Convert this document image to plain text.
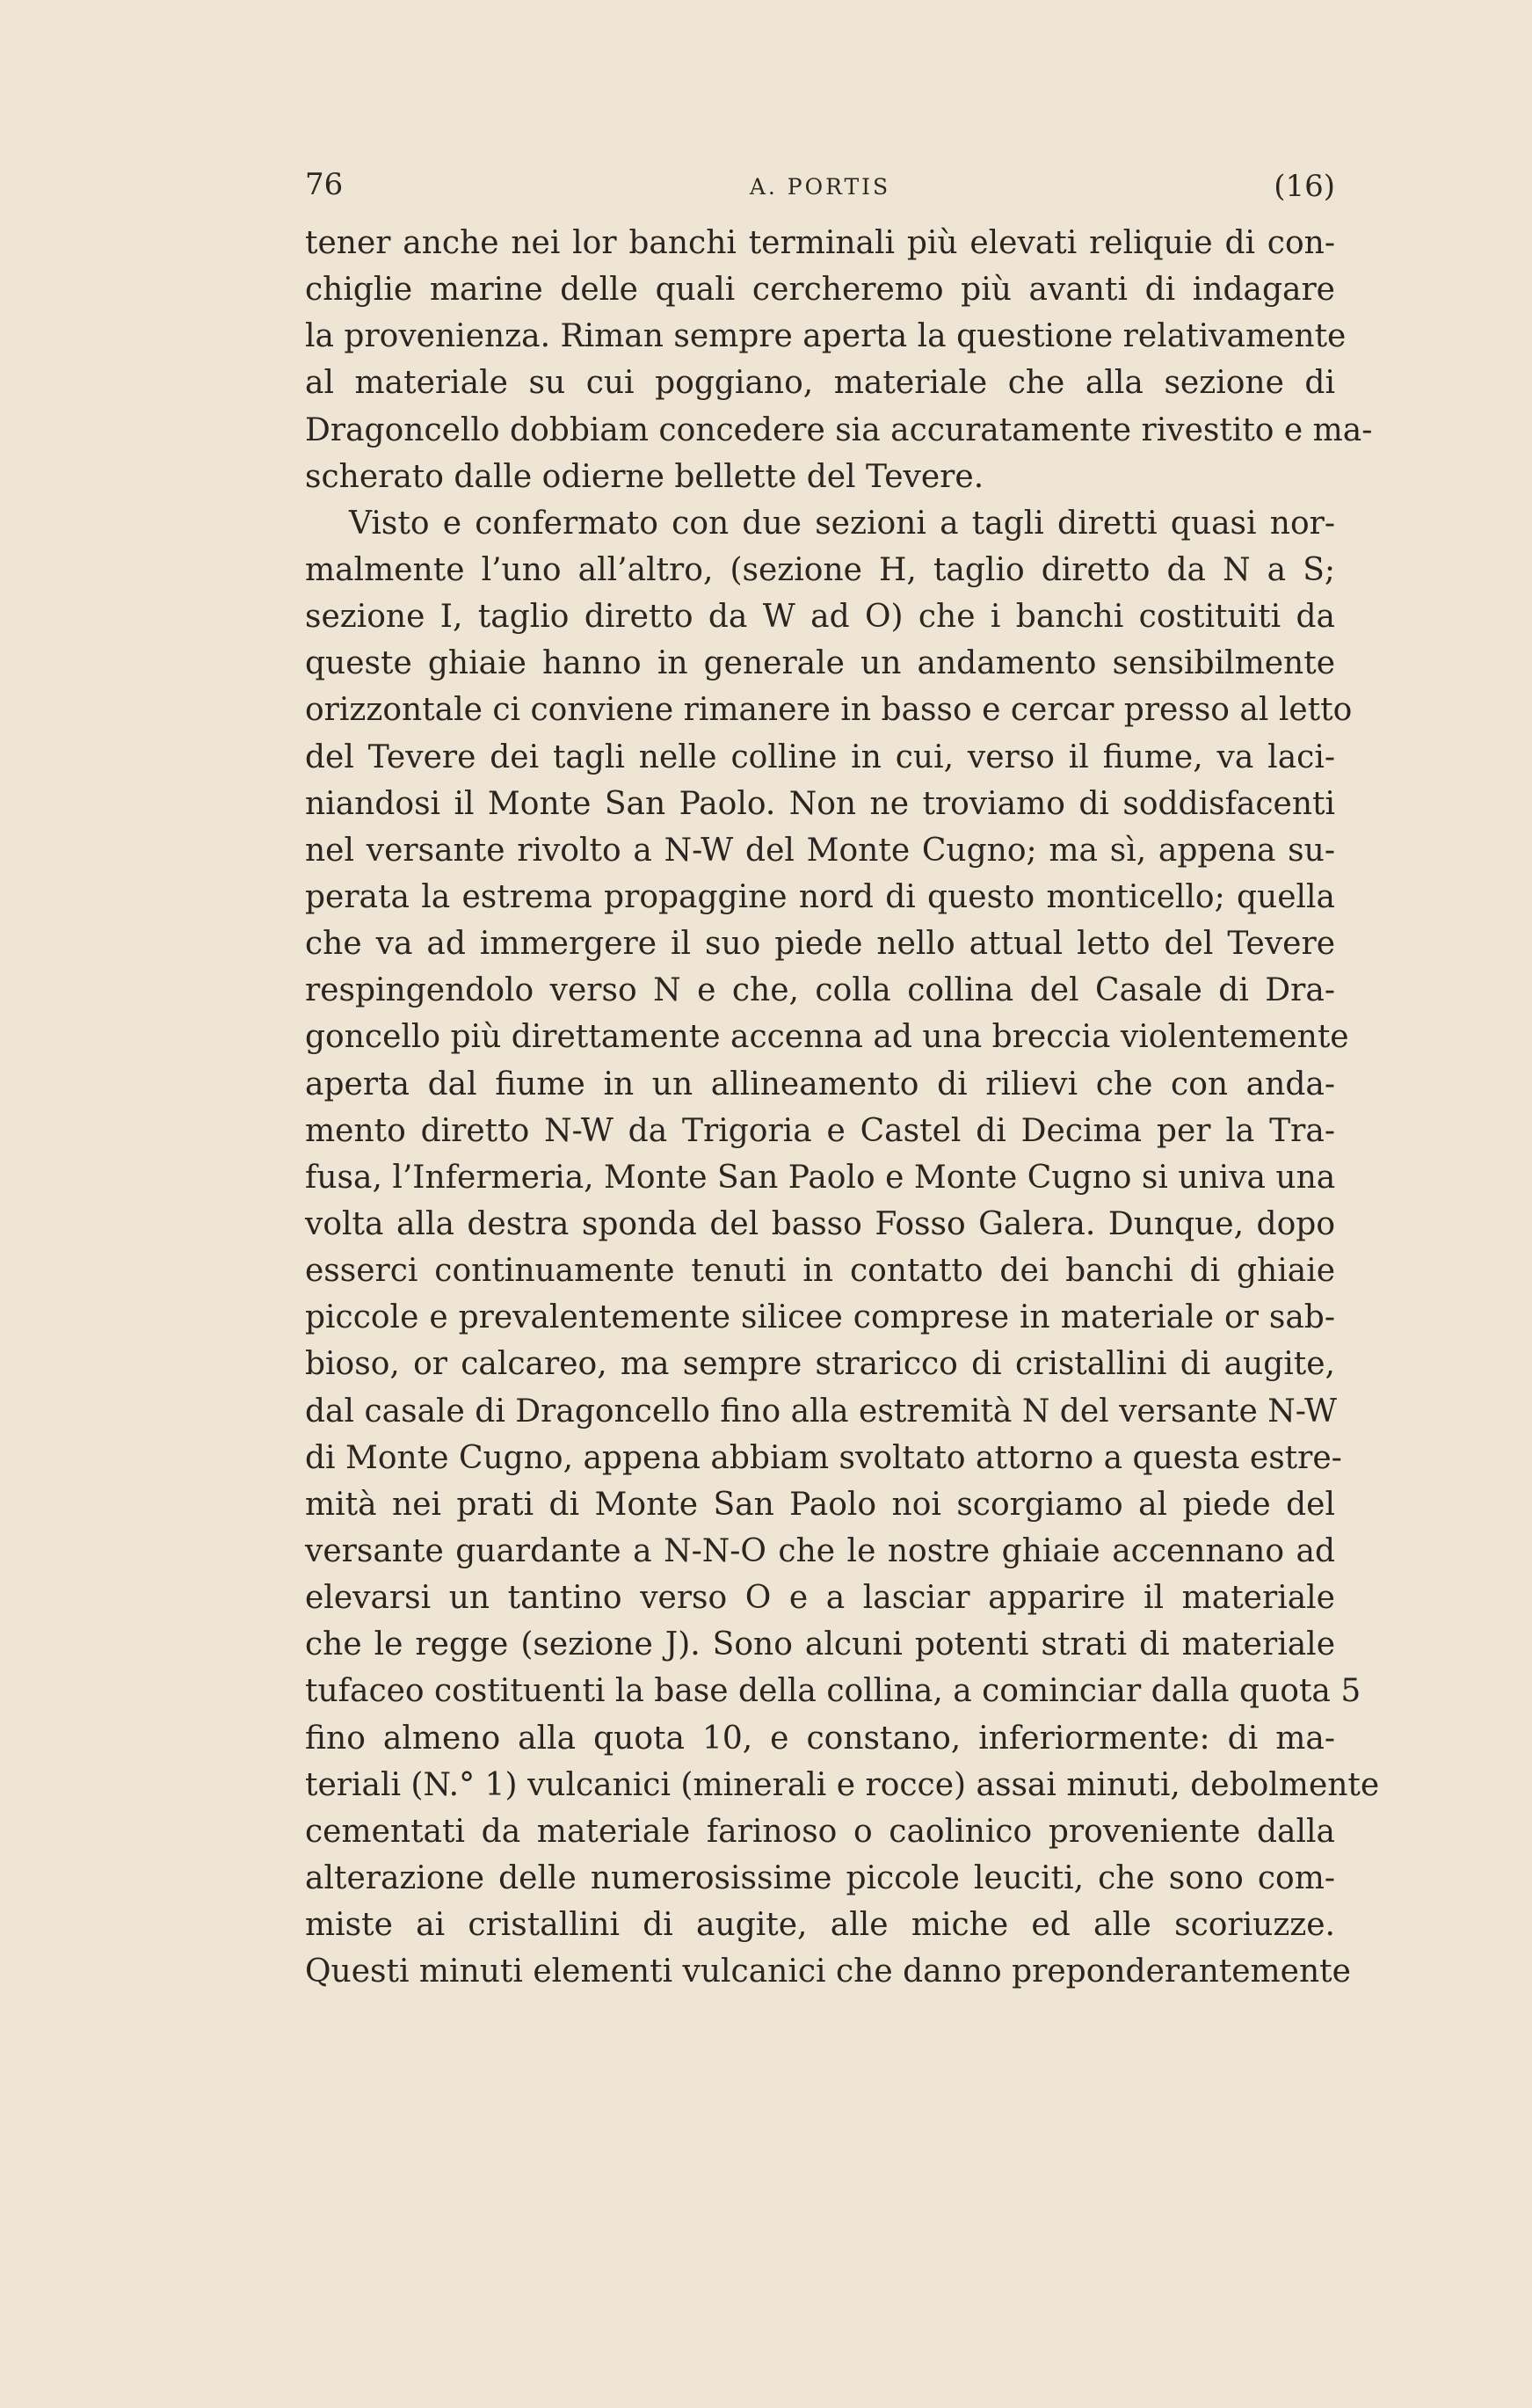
76	A. PORTIS	(16)
tener anche nei lor banchi terminali più elevati reliquie di con-
chiglie marine delle quali cercheremo più avanti di indagare
la provenienza. Riman sempre aperta la questione relativamente
al materiale su cui poggiano, materiale che alla sezione di
Dragoncello dobbiam concedere sia accuratamente rivestito e ma-
scherato dalle odierne bellette del Tevere.
Visto e confermato con due sezioni a tagli diretti quasi nor-
malmente l’uno all’altro, (sezione H, taglio diretto da N a S;
sezione I, taglio diretto da W ad O) che i banchi costituiti da
queste ghiaie hanno in generale un andamento sensibilmente
orizzontale ci conviene rimanere in basso e cercar presso al letto
del Tevere dei tagli nelle colline in cui, verso il fiume, va laci-
niandosi il Monte San Paolo. Non ne troviamo di soddisfacenti
nel versante rivolto a N-W del Monte Cugno; ma sì, appena su-
perata la estrema propaggine nord di questo monticello; quella
che va ad immergere il suo piede nello attual letto del Tevere
respingendolo verso N e che, colla collina del Casale di Dra-
goncello più direttamente accenna ad una breccia violentemente
aperta dal fiume in un allineamento di rilievi che con anda-
mento diretto N-W da Trigoria e Castel di Decima per la Tra-
fusa, l’Infermeria, Monte San Paolo e Monte Cugno si univa una
volta alla destra sponda del basso Fosso Galera. Dunque, dopo
esserci continuamente tenuti in contatto dei banchi di ghiaie
piccole e prevalentemente silicee comprese in materiale or sab-
bioso, or calcareo, ma sempre straricco di cristallini di augite,
dal casale di Dragoncello fino alla estremità N del versante N-W
di Monte Cugno, appena abbiam svoltato attorno a questa estre-
mità nei prati di Monte San Paolo noi scorgiamo al piede del
versante guardante a N-N-O che le nostre ghiaie accennano ad
elevarsi un tantino verso O e a lasciar apparire il materiale
che le regge (sezione J). Sono alcuni potenti strati di materiale
tufaceo costituenti la base della collina, a cominciar dalla quota 5
fino almeno alla quota 10, e constano, inferiormente: di ma-
teriali (N.° 1) vulcanici (minerali e rocce) assai minuti, debolmente
cementati da materiale farinoso o caolinico proveniente dalla
alterazione delle numerosissime piccole leuciti, che sono com-
miste ai cristallini di augite, alle miche ed alle scoriuzze.
Questi minuti elementi vulcanici che danno preponderantemente
